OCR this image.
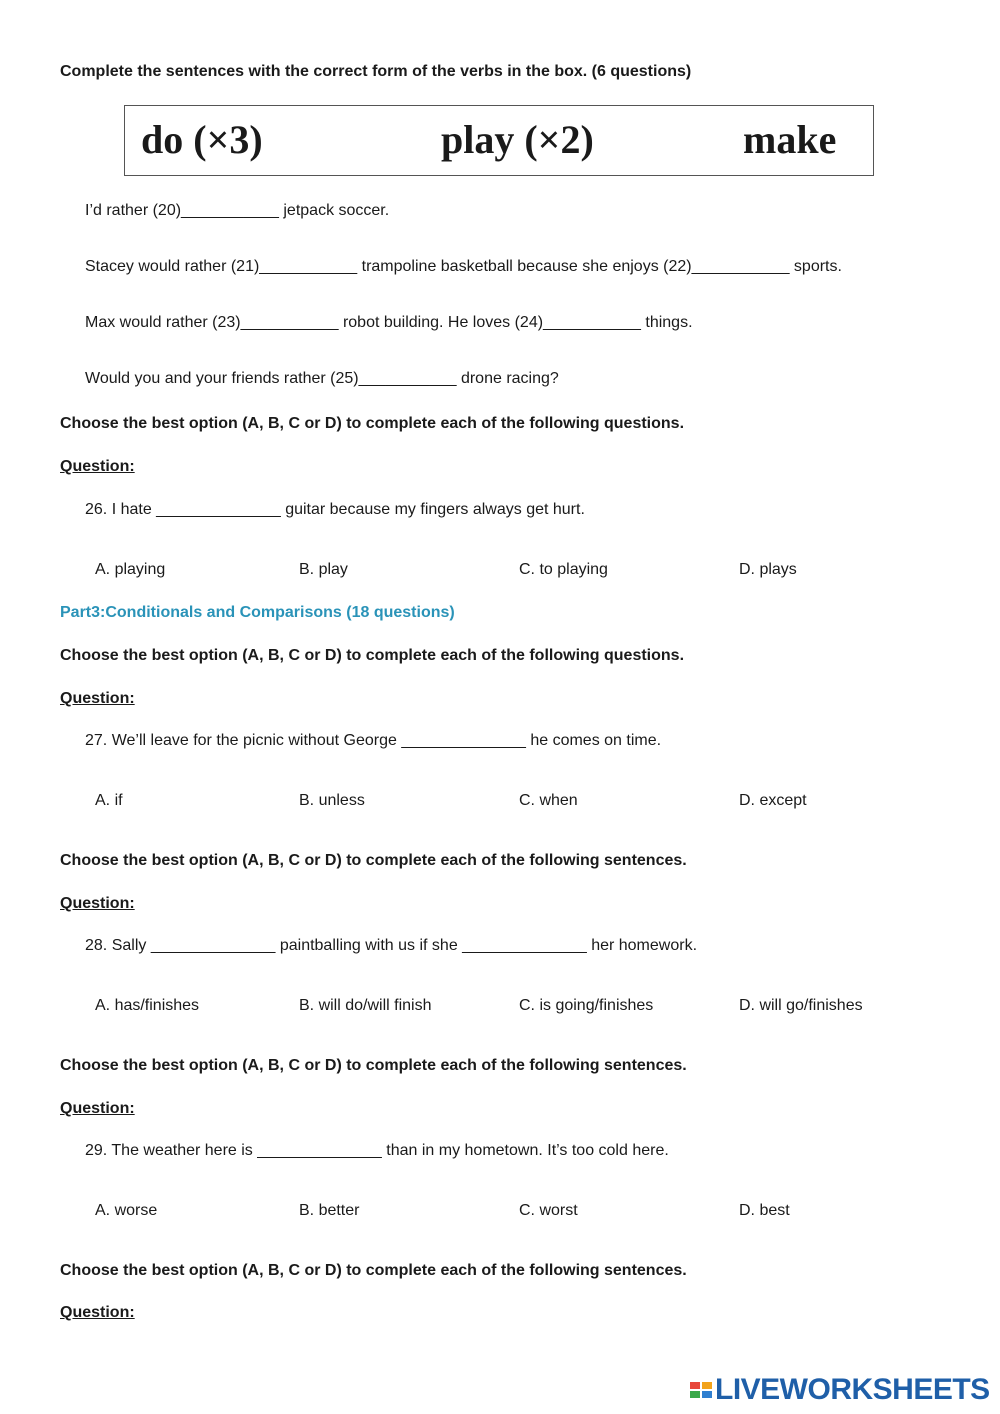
Complete the sentences with the correct form of the verbs in the box. (6 questions)
do (×3)	play (×2)	make
I’d rather (20)___________ jetpack soccer.
Stacey would rather (21)___________ trampoline basketball because she enjoys (22)___________ sports.
Max would rather (23)___________ robot building. He loves (24)___________ things.
Would you and your friends rather (25)___________ drone racing?
Choose the best option (A, B, C or D) to complete each of the following questions.
Question:
26. I hate ______________ guitar because my fingers always get hurt.
A. playing	B. play	C. to playing	D. plays
Part3:Conditionals and Comparisons (18 questions)
Choose the best option (A, B, C or D) to complete each of the following questions.
Question:
27. We’ll leave for the picnic without George ______________ he comes on time.
A. if	B. unless	C. when	D. except
Choose the best option (A, B, C or D) to complete each of the following sentences.
Question:
28. Sally ______________ paintballing with us if she ______________ her homework.
A. has/finishes	B. will do/will finish	C. is going/finishes	D. will go/finishes
Choose the best option (A, B, C or D) to complete each of the following sentences.
Question:
29. The weather here is ______________ than in my hometown. It’s too cold here.
A. worse	B. better	C. worst	D. best
Choose the best option (A, B, C or D) to complete each of the following sentences.
Question:
LIVEWORKSHEETS
